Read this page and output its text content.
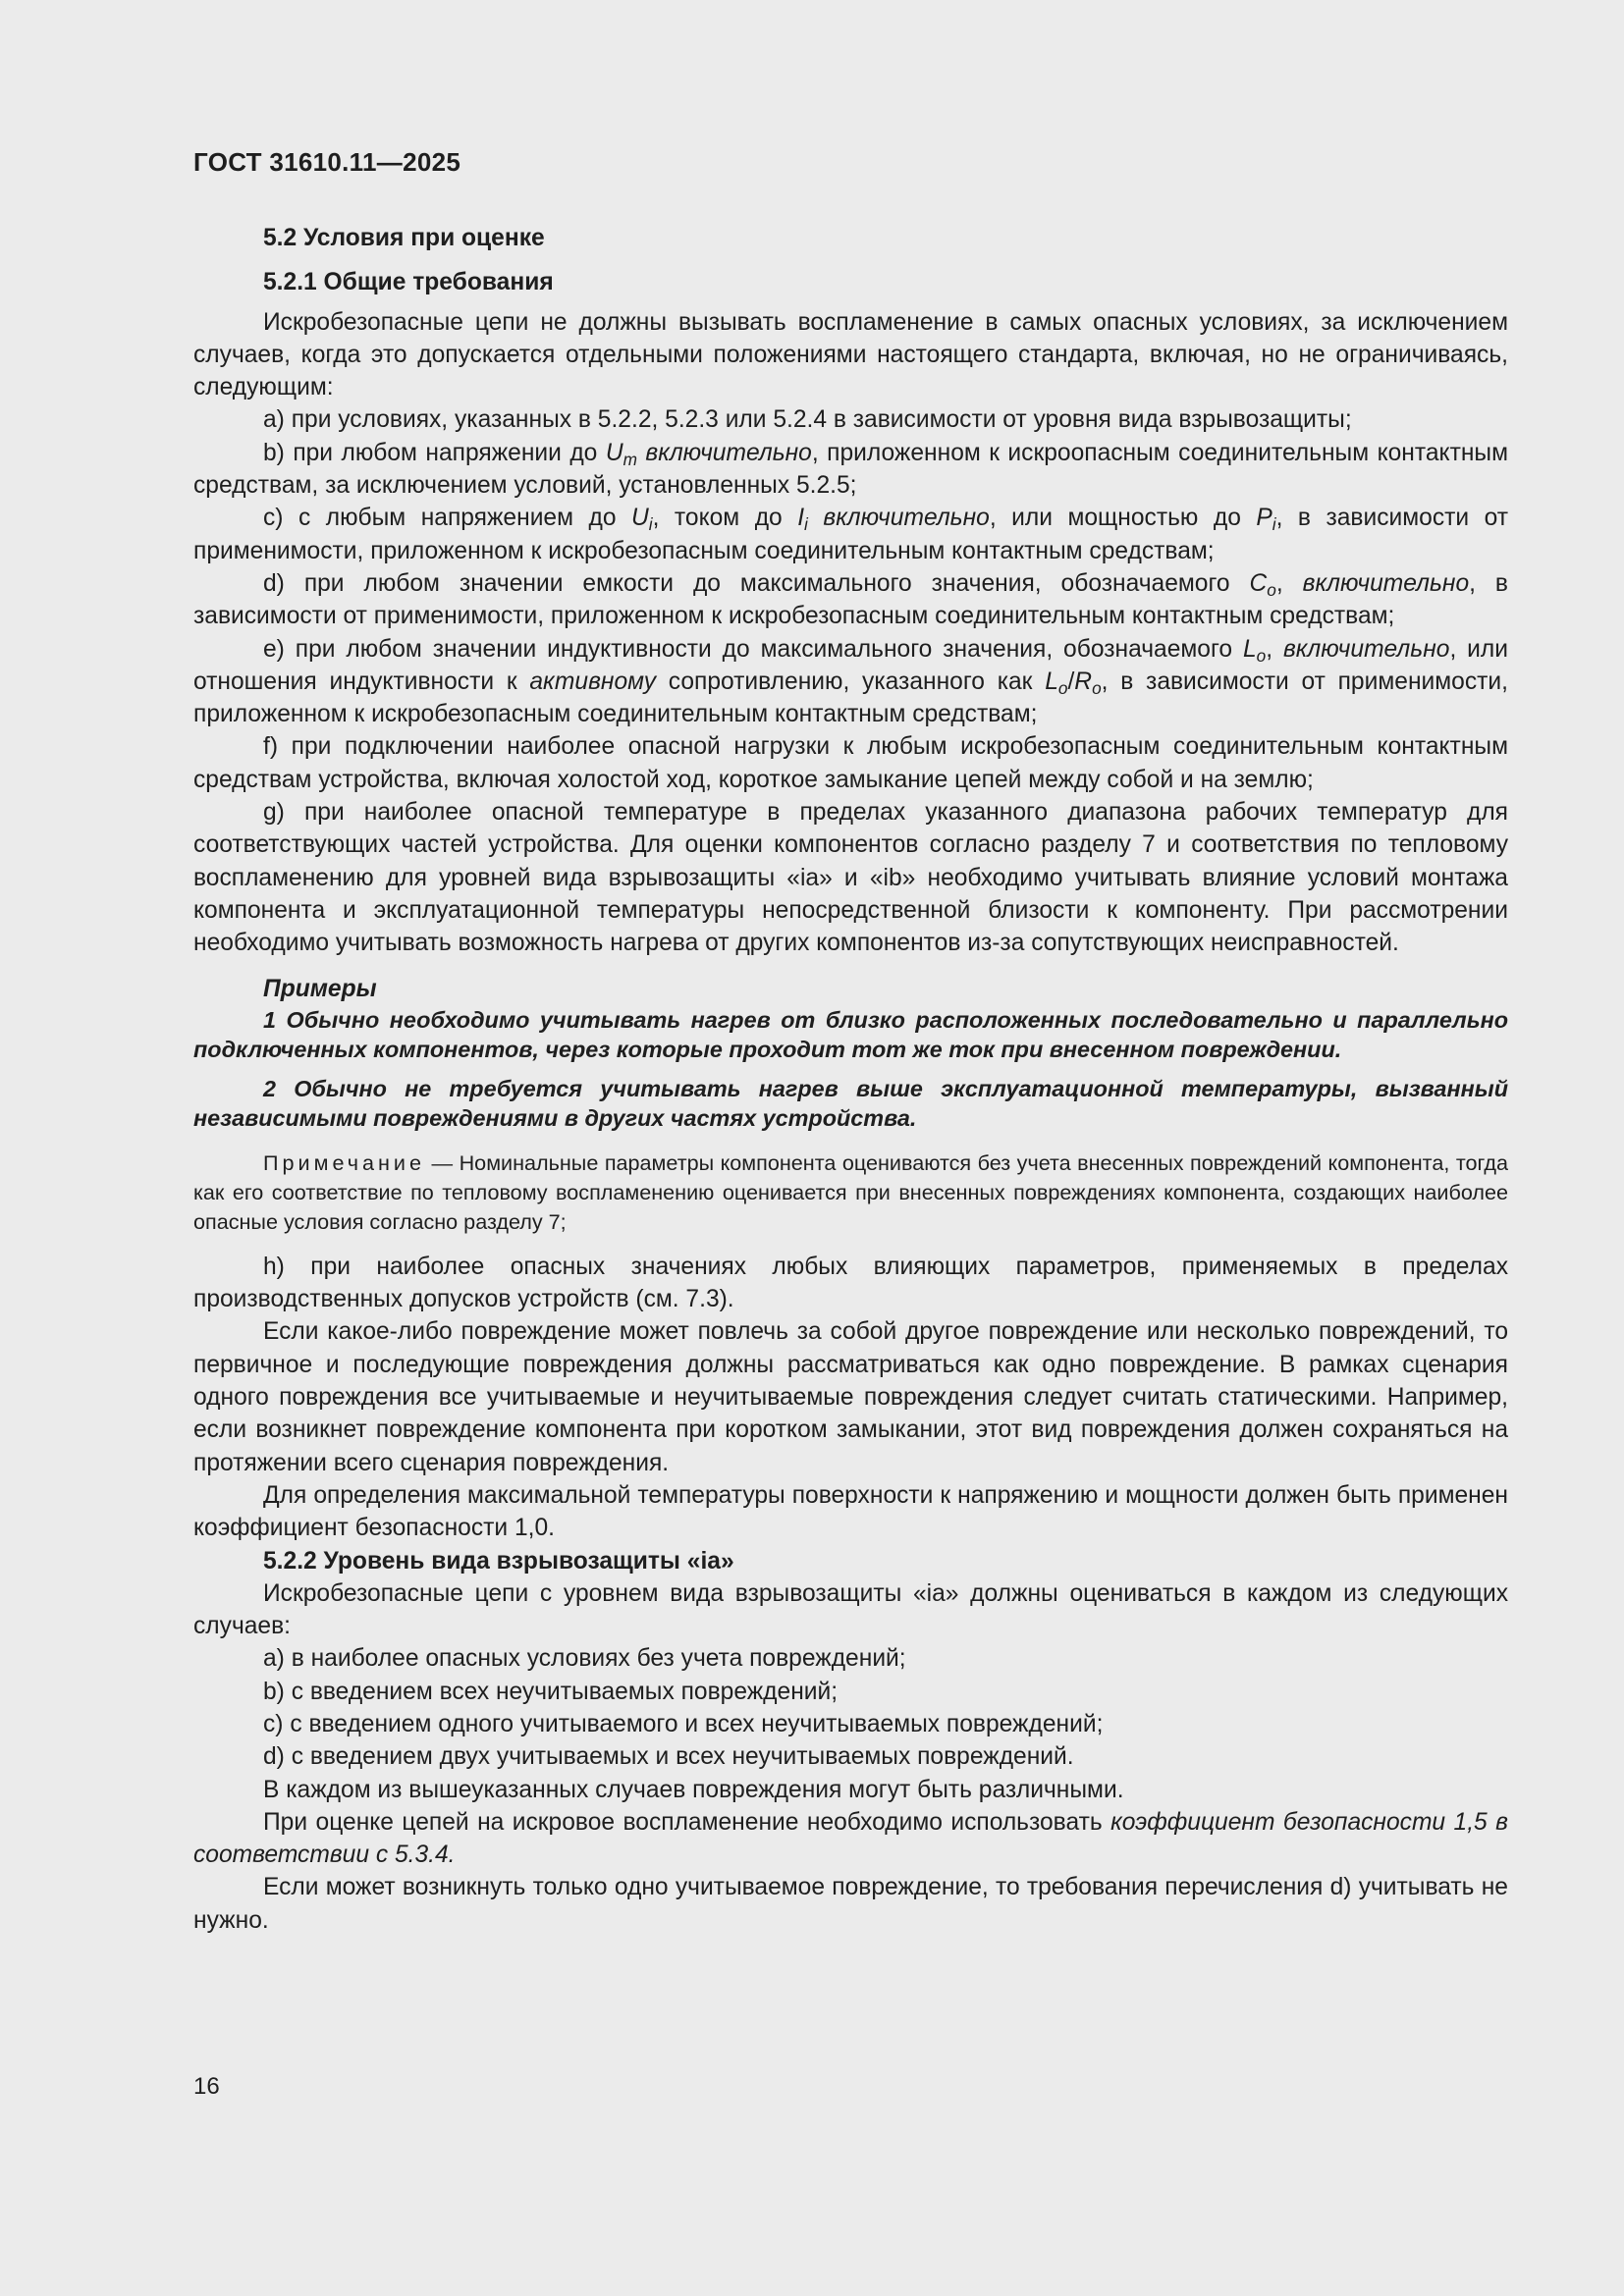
ГОСТ 31610.11—2025

5.2 Условия при оценке

5.2.1 Общие требования

Искробезопасные цепи не должны вызывать воспламенение в самых опасных условиях, за исключением случаев, когда это допускается отдельными положениями настоящего стандарта, включая, но не ограничиваясь, следующим:

a) при условиях, указанных в 5.2.2, 5.2.3 или 5.2.4 в зависимости от уровня вида взрывозащиты;

b) при любом напряжении до $U_m$ включительно, приложенном к искроопасным соединительным контактным средствам, за исключением условий, установленных 5.2.5;

c) с любым напряжением до $U_i$, током до $I_i$ включительно, или мощностью до $P_i$, в зависимости от применимости, приложенном к искробезопасным соединительным контактным средствам;

d) при любом значении емкости до максимального значения, обозначаемого $C_o$, включительно, в зависимости от применимости, приложенном к искробезопасным соединительным контактным средствам;

e) при любом значении индуктивности до максимального значения, обозначаемого $L_o$, включительно, или отношения индуктивности к активному сопротивлению, указанного как $L_o/R_o$, в зависимости от применимости, приложенном к искробезопасным соединительным контактным средствам;

f) при подключении наиболее опасной нагрузки к любым искробезопасным соединительным контактным средствам устройства, включая холостой ход, короткое замыкание цепей между собой и на землю;

g) при наиболее опасной температуре в пределах указанного диапазона рабочих температур для соответствующих частей устройства. Для оценки компонентов согласно разделу 7 и соответствия по тепловому воспламенению для уровней вида взрывозащиты «ia» и «ib» необходимо учитывать влияние условий монтажа компонента и эксплуатационной температуры непосредственной близости к компоненту. При рассмотрении необходимо учитывать возможность нагрева от других компонентов из-за сопутствующих неисправностей.

Примеры

1 Обычно необходимо учитывать нагрев от близко расположенных последовательно и параллельно подключенных компонентов, через которые проходит тот же ток при внесенном повреждении.

2 Обычно не требуется учитывать нагрев выше эксплуатационной температуры, вызванный независимыми повреждениями в других частях устройства.

Примечание — Номинальные параметры компонента оцениваются без учета внесенных повреждений компонента, тогда как его соответствие по тепловому воспламенению оценивается при внесенных повреждениях компонента, создающих наиболее опасные условия согласно разделу 7;

h) при наиболее опасных значениях любых влияющих параметров, применяемых в пределах производственных допусков устройств (см. 7.3).

Если какое-либо повреждение может повлечь за собой другое повреждение или несколько повреждений, то первичное и последующие повреждения должны рассматриваться как одно повреждение. В рамках сценария одного повреждения все учитываемые и неучитываемые повреждения следует считать статическими. Например, если возникнет повреждение компонента при коротком замыкании, этот вид повреждения должен сохраняться на протяжении всего сценария повреждения.

Для определения максимальной температуры поверхности к напряжению и мощности должен быть применен коэффициент безопасности 1,0.

5.2.2 Уровень вида взрывозащиты «ia»

Искробезопасные цепи с уровнем вида взрывозащиты «ia» должны оцениваться в каждом из следующих случаев:

a) в наиболее опасных условиях без учета повреждений;

b) с введением всех неучитываемых повреждений;

c) с введением одного учитываемого и всех неучитываемых повреждений;

d) с введением двух учитываемых и всех неучитываемых повреждений.

В каждом из вышеуказанных случаев повреждения могут быть различными.

При оценке цепей на искровое воспламенение необходимо использовать коэффициент безопасности 1,5 в соответствии с 5.3.4.

Если может возникнуть только одно учитываемое повреждение, то требования перечисления d) учитывать не нужно.

16
